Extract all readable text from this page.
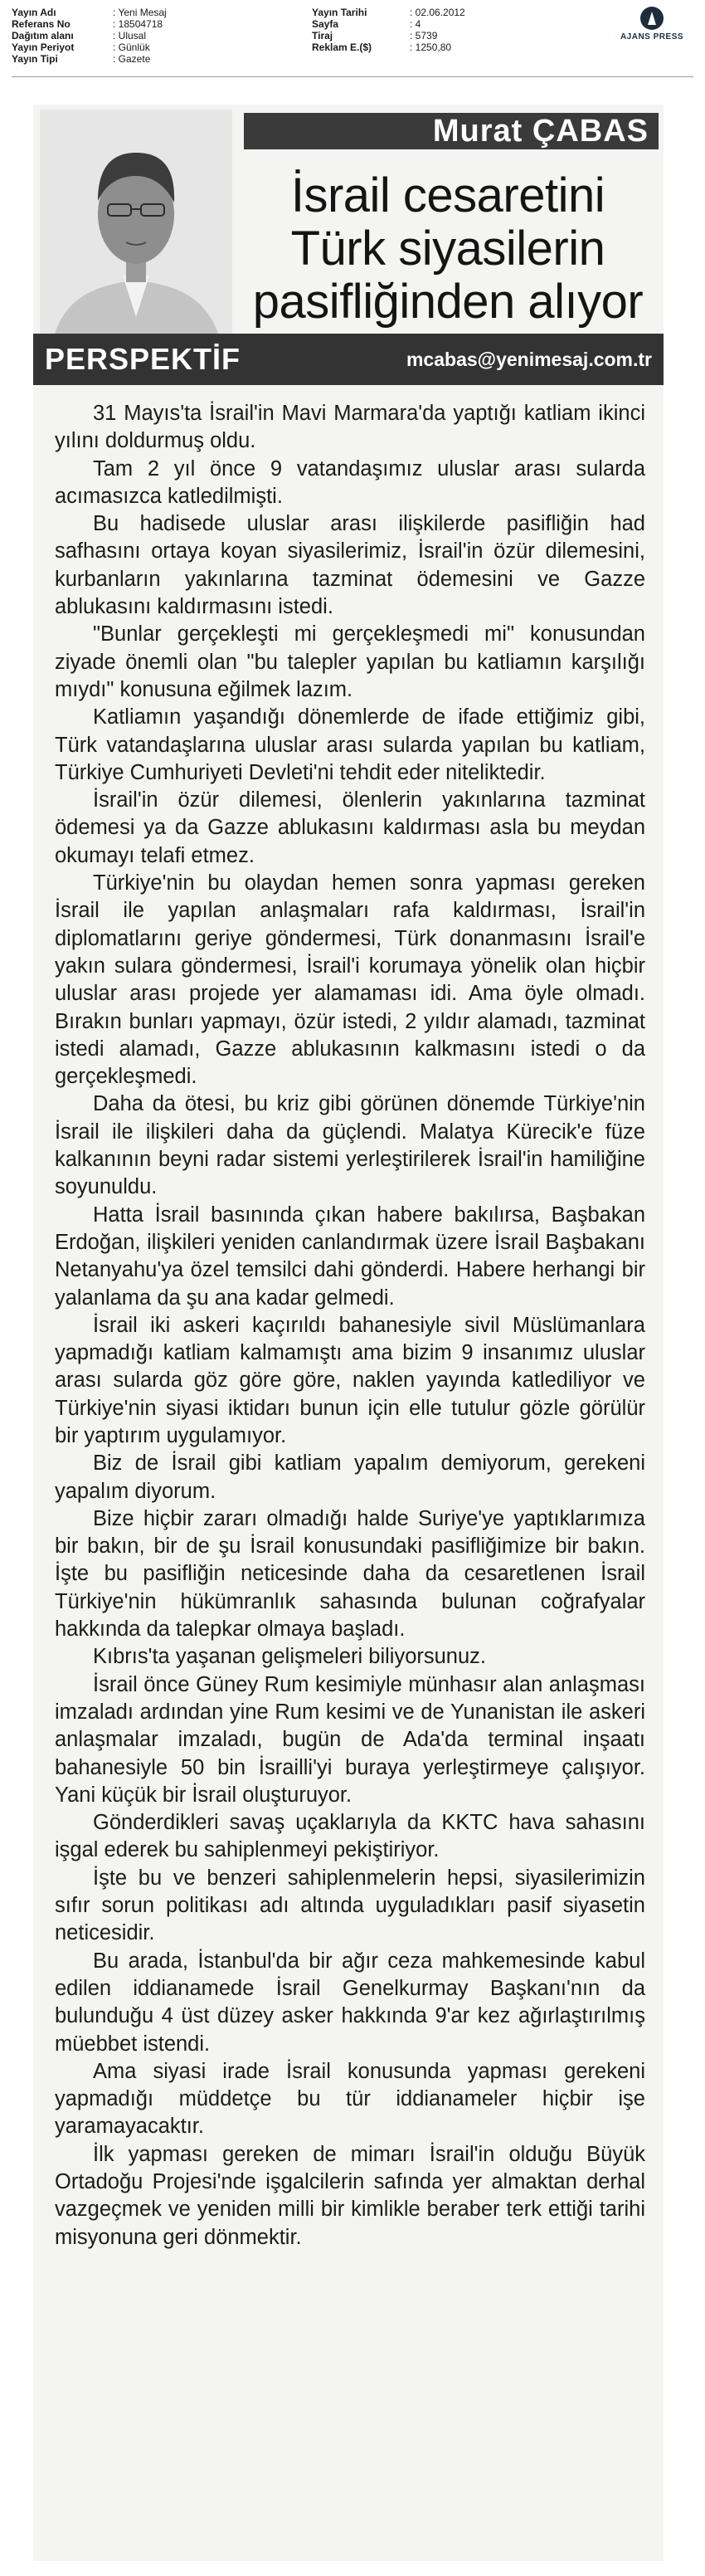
Yayın Adı	: Yeni Mesaj
Referans No	: 18504718
Dağıtım alanı	: Ulusal
Yayın Periyot	: Günlük
Yayın Tipi	: Gazete
Yayın Tarihi	: 02.06.2012
Sayfa	: 4
Tiraj	: 5739
Reklam E.($)	: 1250,80
AJANS PRESS
Murat ÇABAS
İsrail cesaretini
Türk siyasilerin
pasifliğinden alıyor
PERSPEKTİF	mcabas@yenimesaj.com.tr

31 Mayıs'ta İsrail'in Mavi Marmara'da yaptığı katliam ikinci yılını doldurmuş oldu.

Tam 2 yıl önce 9 vatandaşımız uluslar arası sularda acımasızca katledilmişti.

Bu hadisede uluslar arası ilişkilerde pasifliğin had safhasını ortaya koyan siyasilerimiz, İsrail'in özür dilemesini, kurbanların yakınlarına tazminat ödemesini ve Gazze ablukasını kaldırmasını istedi.

"Bunlar gerçekleşti mi gerçekleşmedi mi" konusundan ziyade önemli olan "bu talepler yapılan bu katliamın karşılığı mıydı" konusuna eğilmek lazım.

Katliamın yaşandığı dönemlerde de ifade ettiğimiz gibi, Türk vatandaşlarına uluslar arası sularda yapılan bu katliam, Türkiye Cumhuriyeti Devleti'ni tehdit eder niteliktedir.

İsrail'in özür dilemesi, ölenlerin yakınlarına tazminat ödemesi ya da Gazze ablukasını kaldırması asla bu meydan okumayı telafi etmez.

Türkiye'nin bu olaydan hemen sonra yapması gereken İsrail ile yapılan anlaşmaları rafa kaldırması, İsrail'in diplomatlarını geriye göndermesi, Türk donanmasını İsrail'e yakın sulara göndermesi, İsrail'i korumaya yönelik olan hiçbir uluslar arası projede yer alamaması idi. Ama öyle olmadı. Bırakın bunları yapmayı, özür istedi, 2 yıldır alamadı, tazminat istedi alamadı, Gazze ablukasının kalkmasını istedi o da gerçekleşmedi.

Daha da ötesi, bu kriz gibi görünen dönemde Türkiye'nin İsrail ile ilişkileri daha da güçlendi. Malatya Kürecik'e füze kalkanının beyni radar sistemi yerleştirilerek İsrail'in hamiliğine soyunuldu.

Hatta İsrail basınında çıkan habere bakılırsa, Başbakan Erdoğan, ilişkileri yeniden canlandırmak üzere İsrail Başbakanı Netanyahu'ya özel temsilci dahi gönderdi. Habere herhangi bir yalanlama da şu ana kadar gelmedi.

İsrail iki askeri kaçırıldı bahanesiyle sivil Müslümanlara yapmadığı katliam kalmamıştı ama bizim 9 insanımız uluslar arası sularda göz göre göre, naklen yayında katlediliyor ve Türkiye'nin siyasi iktidarı bunun için elle tutulur gözle görülür bir yaptırım uygulamıyor.

Biz de İsrail gibi katliam yapalım demiyorum, gerekeni yapalım diyorum.

Bize hiçbir zararı olmadığı halde Suriye'ye yaptıklarımıza bir bakın, bir de şu İsrail konusundaki pasifliğimize bir bakın. İşte bu pasifliğin neticesinde daha da cesaretlenen İsrail Türkiye'nin hükümranlık sahasında bulunan coğrafyalar hakkında da talepkar olmaya başladı.

Kıbrıs'ta yaşanan gelişmeleri biliyorsunuz.

İsrail önce Güney Rum kesimiyle münhasır alan anlaşması imzaladı ardından yine Rum kesimi ve de Yunanistan ile askeri anlaşmalar imzaladı, bugün de Ada'da terminal inşaatı bahanesiyle 50 bin İsrailli'yi buraya yerleştirmeye çalışıyor. Yani küçük bir İsrail oluşturuyor.

Gönderdikleri savaş uçaklarıyla da KKTC hava sahasını işgal ederek bu sahiplenmeyi pekiştiriyor.

İşte bu ve benzeri sahiplenmelerin hepsi, siyasilerimizin sıfır sorun politikası adı altında uyguladıkları pasif siyasetin neticesidir.

Bu arada, İstanbul'da bir ağır ceza mahkemesinde kabul edilen iddianamede İsrail Genelkurmay Başkanı'nın da bulunduğu 4 üst düzey asker hakkında 9'ar kez ağırlaştırılmış müebbet istendi.

Ama siyasi irade İsrail konusunda yapması gerekeni yapmadığı müddetçe bu tür iddianameler hiçbir işe yaramayacaktır.

İlk yapması gereken de mimarı İsrail'in olduğu Büyük Ortadoğu Projesi'nde işgalcilerin safında yer almaktan derhal vazgeçmek ve yeniden milli bir kimlikle beraber terk ettiği tarihi misyonuna geri dönmektir.
